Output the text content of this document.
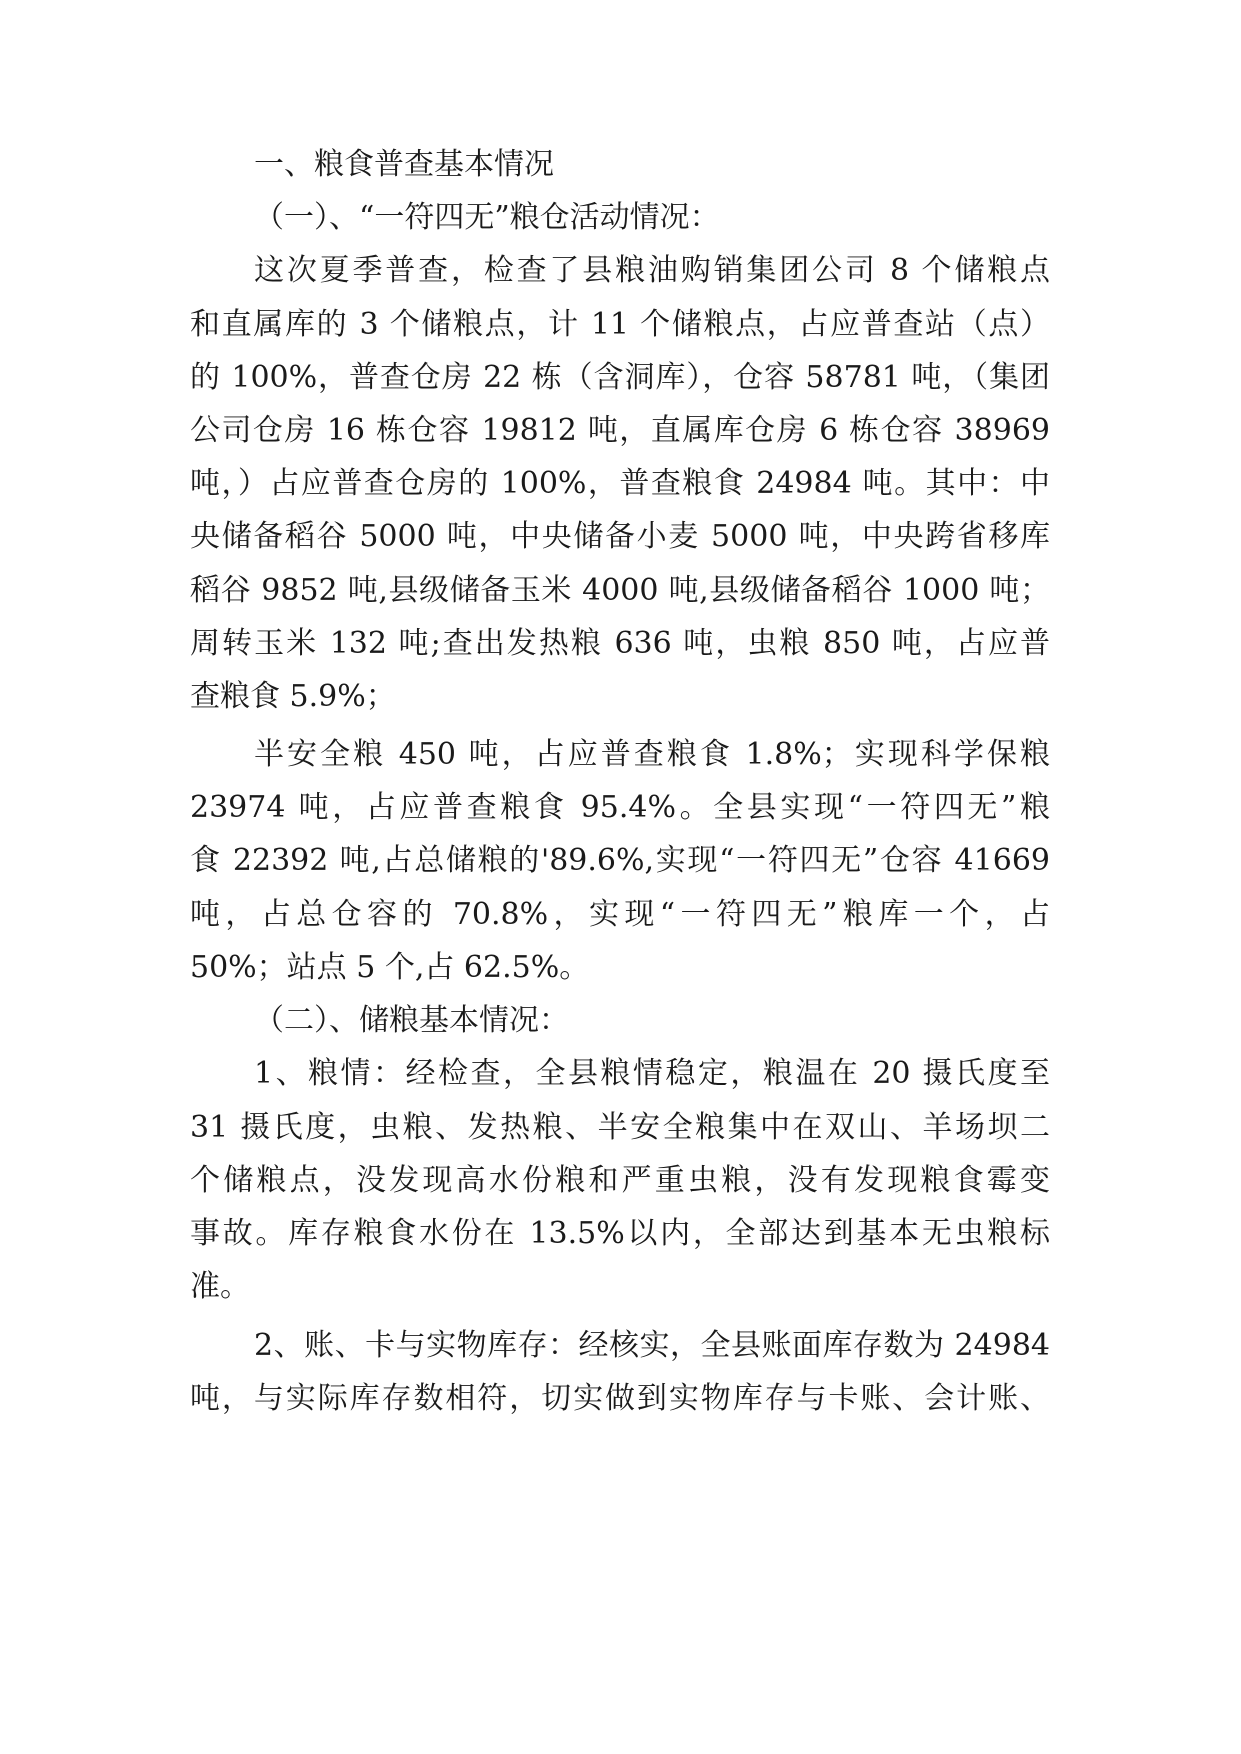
一、粮食普查基本情况
（一）、“一符四无”粮仓活动情况：
这次夏季普查，检查了县粮油购销集团公司 8 个储粮点
和直属库的 3 个储粮点，计 11 个储粮点，占应普查站（点）
的 100%，普查仓房 22 栋（含洞库），仓容 58781 吨，（集团
公司仓房 16 栋仓容 19812 吨，直属库仓房 6 栋仓容 38969
吨，）占应普查仓房的 100%，普查粮食 24984 吨。其中：中
央储备稻谷 5000 吨，中央储备小麦 5000 吨，中央跨省移库
稻谷 9852 吨,县级储备玉米 4000 吨,县级储备稻谷 1000 吨；
周转玉米 132 吨;查出发热粮 636 吨，虫粮 850 吨，占应普
查粮食 5.9%；
半安全粮 450 吨，占应普查粮食 1.8%；实现科学保粮
23974 吨，占应普查粮食 95.4%。全县实现“一符四无”粮
食 22392 吨,占总储粮的'89.6%,实现“一符四无”仓容 41669
吨，占总仓容的 70.8%，实现“一符四无”粮库一个，占
50%；站点 5 个,占 62.5%。
（二）、储粮基本情况：
1、粮情：经检查，全县粮情稳定，粮温在 20 摄氏度至
31 摄氏度，虫粮、发热粮、半安全粮集中在双山、羊场坝二
个储粮点，没发现高水份粮和严重虫粮，没有发现粮食霉变
事故。库存粮食水份在 13.5%以内，全部达到基本无虫粮标
准。
2、账、卡与实物库存：经核实，全县账面库存数为 24984
吨，与实际库存数相符，切实做到实物库存与卡账、会计账、
